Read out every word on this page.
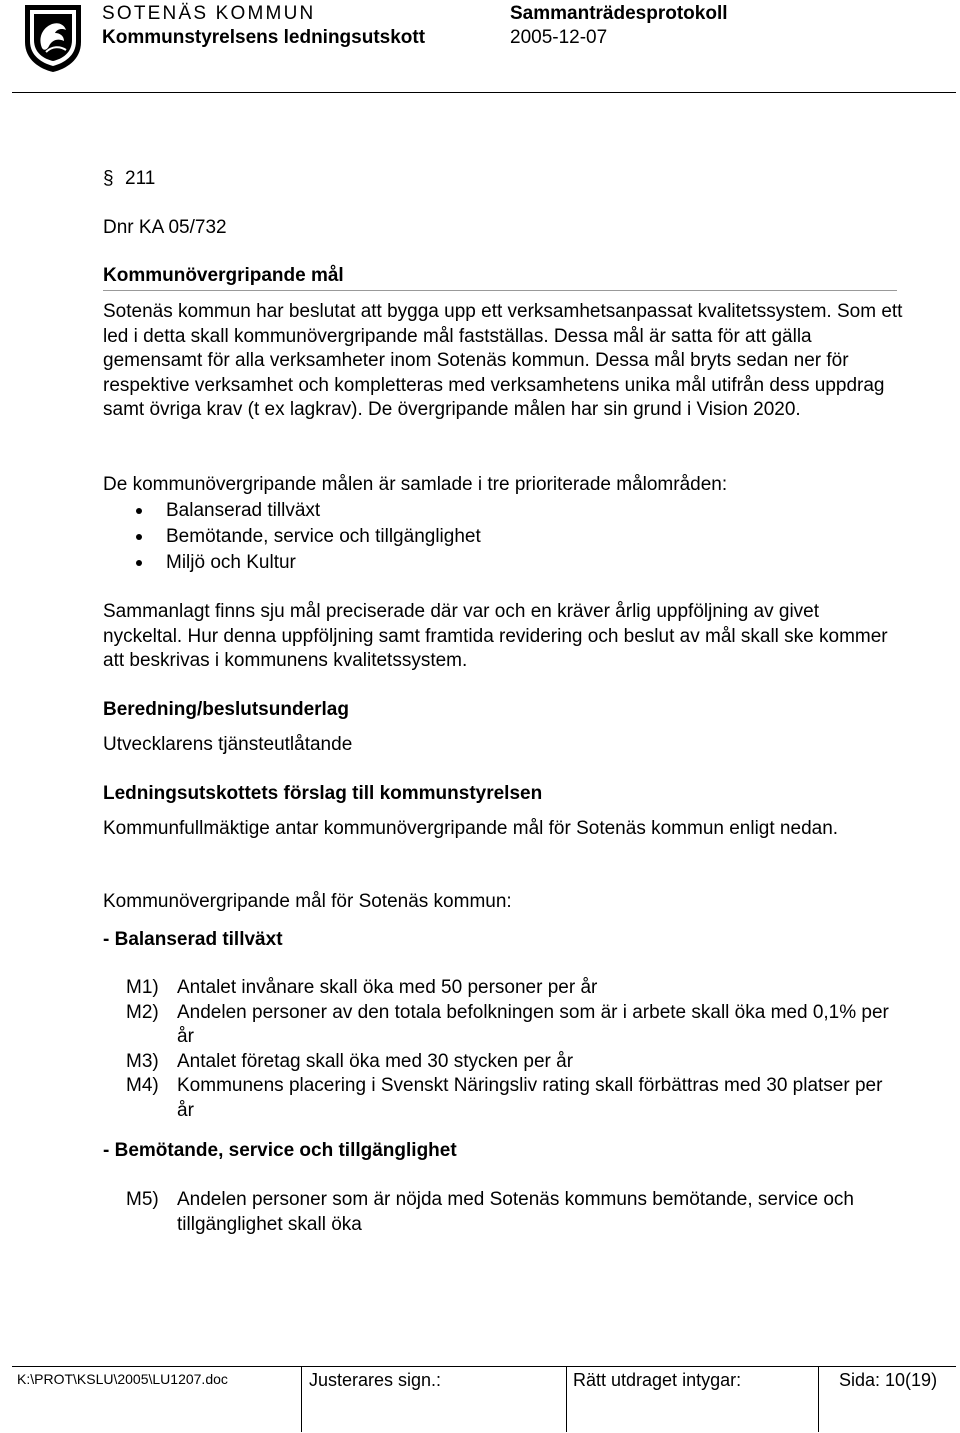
SOTENÄS KOMMUN	Sammanträdesprotokoll
Kommunstyrelsens ledningsutskott	2005-12-07
§ 211
Dnr KA 05/732
Kommunövergripande mål
Sotenäs kommun har beslutat att bygga upp ett verksamhetsanpassat kvalitetssystem. Som ett led i detta skall kommunövergripande mål fastställas. Dessa mål är satta för att gälla gemensamt för alla verksamheter inom Sotenäs kommun. Dessa mål bryts sedan ner för respektive verksamhet och kompletteras med verksamhetens unika mål utifrån dess uppdrag samt övriga krav (t ex lagkrav). De övergripande målen har sin grund i Vision 2020.
De kommunövergripande målen är samlade i tre prioriterade målområden:
Balanserad tillväxt
Bemötande, service och tillgänglighet
Miljö och Kultur
Sammanlagt finns sju mål preciserade där var och en kräver årlig uppföljning av givet nyckeltal. Hur denna uppföljning samt framtida revidering och beslut av mål skall ske kommer att beskrivas i kommunens kvalitetssystem.
Beredning/beslutsunderlag
Utvecklarens tjänsteutlåtande
Ledningsutskottets förslag till kommunstyrelsen
Kommunfullmäktige antar kommunövergripande mål för Sotenäs kommun enligt nedan.
Kommunövergripande mål för Sotenäs kommun:
- Balanserad tillväxt
M1) Antalet invånare skall öka med 50 personer per år
M2) Andelen personer av den totala befolkningen som är i arbete skall öka med 0,1% per år
M3) Antalet företag skall öka med 30 stycken per år
M4) Kommunens placering i Svenskt Näringsliv rating skall förbättras med 30 platser per år
- Bemötande, service och tillgänglighet
M5) Andelen personer som är nöjda med Sotenäs kommuns bemötande, service och tillgänglighet skall öka
K:\PROT\KSLU\2005\LU1207.doc	Justerares sign.:	Rätt utdraget intygar:	Sida: 10(19)
